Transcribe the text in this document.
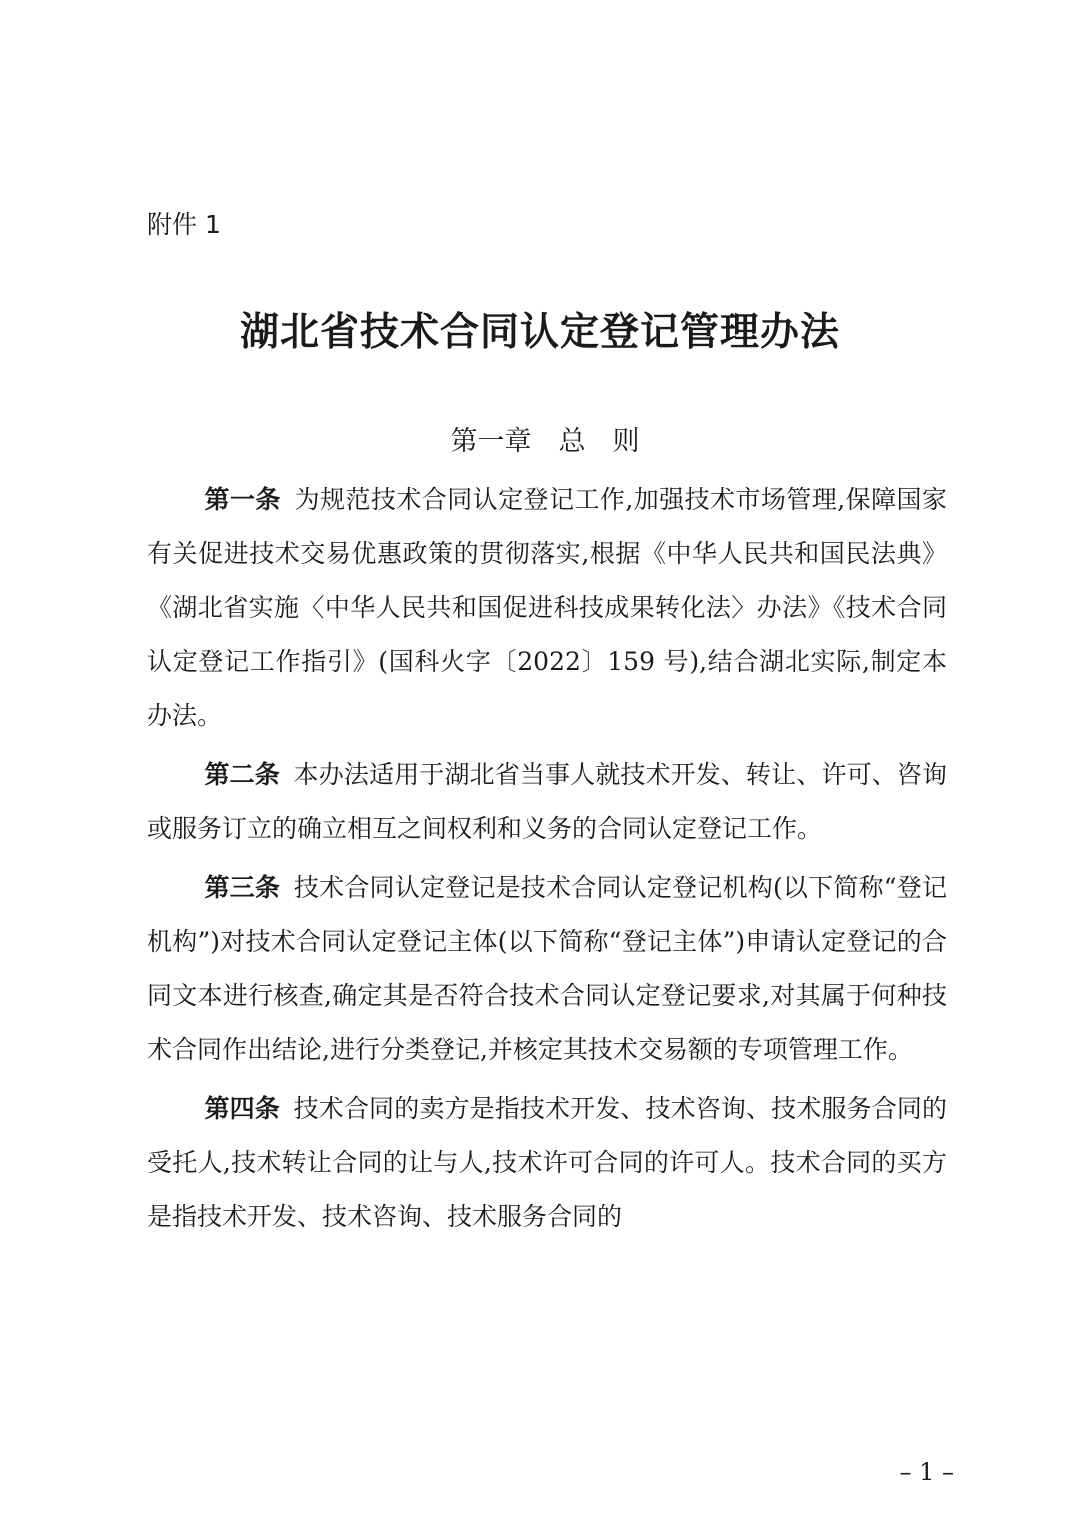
附件 1
湖北省技术合同认定登记管理办法
第一章　总　则

第一条 为规范技术合同认定登记工作,加强技术市场管理,保障国家有关促进技术交易优惠政策的贯彻落实,根据《中华人民共和国民法典》《湖北省实施〈中华人民共和国促进科技成果转化法〉办法》《技术合同认定登记工作指引》(国科火字〔2022〕159 号),结合湖北实际,制定本办法。

第二条 本办法适用于湖北省当事人就技术开发、转让、许可、咨询或服务订立的确立相互之间权利和义务的合同认定登记工作。

第三条 技术合同认定登记是技术合同认定登记机构(以下简称“登记机构”)对技术合同认定登记主体(以下简称“登记主体”)申请认定登记的合同文本进行核查,确定其是否符合技术合同认定登记要求,对其属于何种技术合同作出结论,进行分类登记,并核定其技术交易额的专项管理工作。

第四条 技术合同的卖方是指技术开发、技术咨询、技术服务合同的受托人,技术转让合同的让与人,技术许可合同的许可人。技术合同的买方是指技术开发、技术咨询、技术服务合同的

– 1 –
